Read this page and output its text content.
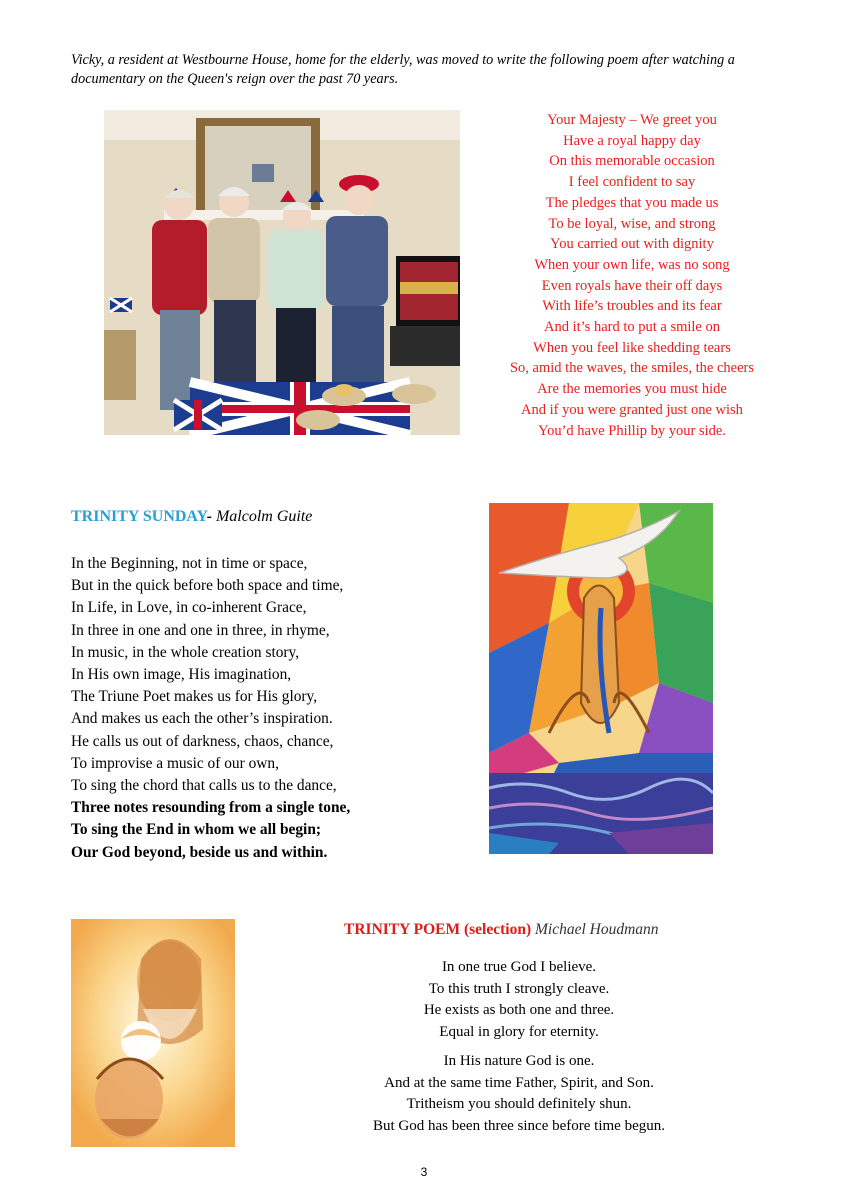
Vicky, a resident at Westbourne House, home for the elderly, was moved to write the following poem after watching a documentary on the Queen's reign over the past 70 years.
Your Majesty – We greet you
Have a royal happy day
On this memorable occasion
I feel confident to say
The pledges that you made us
To be loyal, wise, and strong
You carried out with dignity
When your own life, was no song
Even royals have their off days
With life’s troubles and its fear
And it’s hard to put a smile on
When you feel like shedding tears
So, amid the waves, the smiles, the cheers
Are the memories you must hide
And if you were granted just one wish
You’d have Phillip by your side.
TRINITY SUNDAY- Malcolm Guite
In the Beginning, not in time or space,
But in the quick before both space and time,
In Life, in Love, in co-inherent Grace,
In three in one and one in three, in rhyme,
In music, in the whole creation story,
In His own image, His imagination,
The Triune Poet makes us for His glory,
And makes us each the other’s inspiration.
He calls us out of darkness, chaos, chance,
To improvise a music of our own,
To sing the chord that calls us to the dance,
Three notes resounding from a single tone,
To sing the End in whom we all begin;
Our God beyond, beside us and within.
TRINITY POEM (selection) Michael Houdmann
In one true God I believe.
To this truth I strongly cleave.
He exists as both one and three.
Equal in glory for eternity.
In His nature God is one.
And at the same time Father, Spirit, and Son.
Tritheism you should definitely shun.
But God has been three since before time begun.
3
